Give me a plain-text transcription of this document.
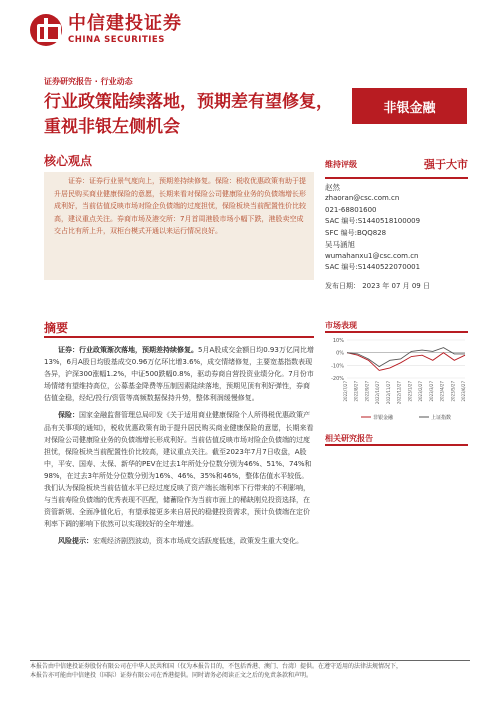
中信建投证券
CHINA SECURITIES
证券研究报告 · 行业动态
行业政策陆续落地，预期差有望修复，重视非银左侧机会
非银金融
核心观点
证券：证券行业景气度向上，预期差持续修复。保险：税收优惠政策有助于提升居民购买商业健康保险的意愿，长期来看对保险公司健康险业务的负债端增长形成利好，当前估值反映市场对险企负债端的过度担忧，保险板块当前配置性价比较高，建议重点关注。券商市场及港交所：7月首周港股市场小幅下跌，港股卖空成交占比有所上升，双柜台模式开通以来运行情况良好。
摘要

证券：行业政策渐次落地，预期差持续修复。5月A股成交金额日均0.93万亿同比增13%，6月A股日均股基成交0.96万亿环比增3.6%，成交情绪修复，主要宽基指数表现各异，沪深300涨幅1.2%，中证500跌幅0.8%，驱动券商自营投资业绩分化。7月份市场情绪有望维持高位，公募基金降费等压制因素陆续落地，预期见顶有利好弹性，券商估值金稳，经纪/投行/资管等高频数据保持升势，整体利润缓慢修复。

保险：国家金融监督管理总局印发《关于适用商业健康保险个人所得税优惠政策产品有关事项的通知》，税收优惠政策有助于提升居民购买商业健康保险的意愿，长期来看对保险公司健康险业务的负债端增长形成利好。当前估值反映市场对险企负债端的过度担忧，保险板块当前配置性价比较高，建议重点关注。截至2023年7月7日收盘，A股中，平安、国寿、太保、新华的PEV在过去1年所处分位数分别为46%、51%、74%和98%，在过去3年所处分位数分别为16%、46%、35%和46%，整体估值水平较低。我们认为保险板块当前估值水平已经过度反映了资产端长端利率下行带来的不利影响，与当前寿险负债端的优秀表现不匹配，储蓄险作为当前市面上的稀缺刚兑投资选择，在资管新规、全面净值化后，有望承接更多来自居民的稳健投资需求，预计负债端在定价利率下调的影响下依然可以实现较好的全年增速。

风险提示：宏观经济剧烈波动，资本市场成交活跃度低迷，政策发生重大变化。

维持评级	强于大市
赵然
zhaoran@csc.com.cn
021-68801600
SAC 编号:S1440518100009
SFC 编号:BQQ828
吴马涵旭
wumahanxu1@csc.com.cn
SAC 编号:S1440522070001
发布日期： 2023 年 07 月 09 日
市场表现
10%
0%
-10%
-20%
2022/7/27 2022/8/27 2022/9/27 2022/10/27 2022/11/27 2022/12/27 2023/1/27 2023/2/27 2023/3/27 2023/4/27 2023/5/27 2023/6/27
非银金融	上证指数
相关研究报告
本报告由中信建投证券股份有限公司在中华人民共和国（仅为本报告目的，不包括香港、澳门、台湾）提供。在遵守适用的法律法规情况下，
本报告亦可能由中信建投（国际）证券有限公司在香港提供。同时请务必阅读正文之后的免责条款和声明。
